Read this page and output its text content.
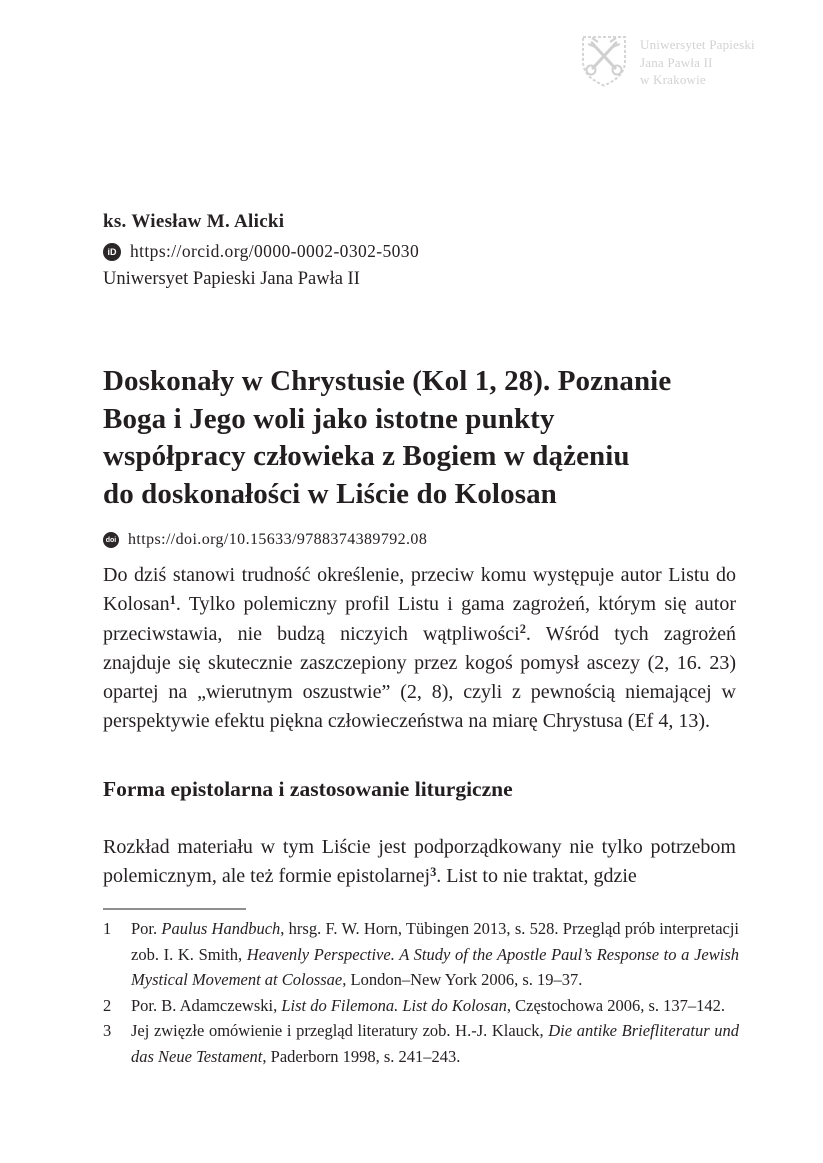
Uniwersytet Papieski
Jana Pawła II
w Krakowie
ks. Wiesław M. Alicki
iD https://orcid.org/0000-0002-0302-5030
Uniwersyet Papieski Jana Pawła II
Doskonały w Chrystusie (Kol 1, 28). Poznanie
Boga i Jego woli jako istotne punkty
współpracy człowieka z Bogiem w dążeniu
do doskonałości w Liście do Kolosan
doi https://doi.org/10.15633/9788374389792.08

Do dziś stanowi trudność określenie, przeciw komu występuje autor Listu do Kolosan$^1$. Tylko polemiczny profil Listu i gama zagrożeń, którym się autor przeciwstawia, nie budzą niczyich wątpliwości$^2$. Wśród tych zagrożeń znajduje się skutecznie zaszczepiony przez kogoś pomysł ascezy (2, 16. 23) opartej na „wierutnym oszustwie” (2, 8), czyli z pewnością niemającej w perspektywie efektu piękna człowieczeństwa na miarę Chrystusa (Ef 4, 13).

Forma epistolarna i zastosowanie liturgiczne

Rozkład materiału w tym Liście jest podporządkowany nie tylko potrzebom polemicznym, ale też formie epistolarnej$^3$. List to nie traktat, gdzie

1	Por. Paulus Handbuch, hrsg. F. W. Horn, Tübingen 2013, s. 528. Przegląd prób interpretacji zob. I. K. Smith, Heavenly Perspective. A Study of the Apostle Paul’s Response to a Jewish Mystical Movement at Colossae, London–New York 2006, s. 19–37.
2	Por. B. Adamczewski, List do Filemona. List do Kolosan, Częstochowa 2006, s. 137–142.
3	Jej zwięzłe omówienie i przegląd literatury zob. H.-J. Klauck, Die antike Briefliteratur und das Neue Testament, Paderborn 1998, s. 241–243.
